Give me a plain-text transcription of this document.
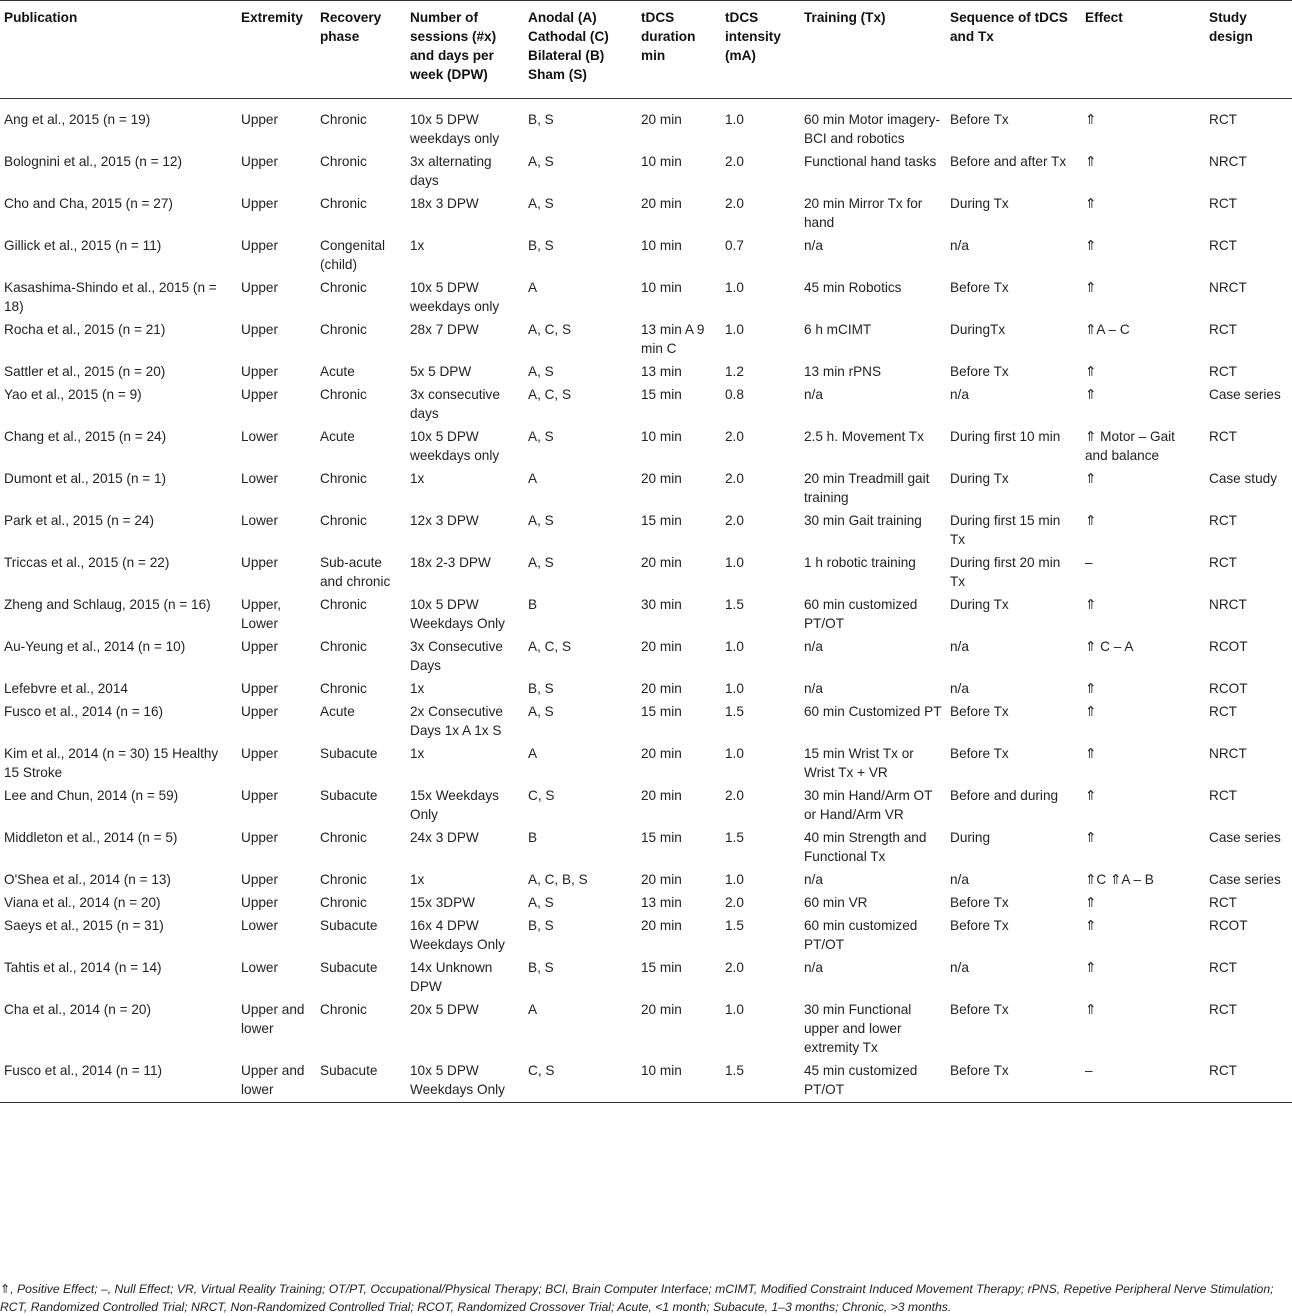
Publication	Extremity	Recovery phase	Number of sessions (#x) and days per week (DPW)	Anodal (A) Cathodal (C) Bilateral (B) Sham (S)	tDCS duration min	tDCS intensity (mA)	Training (Tx)	Sequence of tDCS and Tx	Effect	Study design
Ang et al., 2015 (n = 19)	Upper	Chronic	10x 5 DPW weekdays only	B, S	20 min	1.0	60 min Motor imagery-BCI and robotics	Before Tx	⇑	RCT
Bolognini et al., 2015 (n = 12)	Upper	Chronic	3x alternating days	A, S	10 min	2.0	Functional hand tasks	Before and after Tx	⇑	NRCT
Cho and Cha, 2015 (n = 27)	Upper	Chronic	18x 3 DPW	A, S	20 min	2.0	20 min Mirror Tx for hand	During Tx	⇑	RCT
Gillick et al., 2015 (n = 11)	Upper	Congenital (child)	1x	B, S	10 min	0.7	n/a	n/a	⇑	RCT
Kasashima-Shindo et al., 2015 (n = 18)	Upper	Chronic	10x 5 DPW weekdays only	A	10 min	1.0	45 min Robotics	Before Tx	⇑	NRCT
Rocha et al., 2015 (n = 21)	Upper	Chronic	28x 7 DPW	A, C, S	13 min A 9 min C	1.0	6 h mCIMT	DuringTx	⇑A – C	RCT
Sattler et al., 2015 (n = 20)	Upper	Acute	5x 5 DPW	A, S	13 min	1.2	13 min rPNS	Before Tx	⇑	RCT
Yao et al., 2015 (n = 9)	Upper	Chronic	3x consecutive days	A, C, S	15 min	0.8	n/a	n/a	⇑	Case series
Chang et al., 2015 (n = 24)	Lower	Acute	10x 5 DPW weekdays only	A, S	10 min	2.0	2.5 h. Movement Tx	During first 10 min	⇑ Motor – Gait and balance	RCT
Dumont et al., 2015 (n = 1)	Lower	Chronic	1x	A	20 min	2.0	20 min Treadmill gait training	During Tx	⇑	Case study
Park et al., 2015 (n = 24)	Lower	Chronic	12x 3 DPW	A, S	15 min	2.0	30 min Gait training	During first 15 min Tx	⇑	RCT
Triccas et al., 2015 (n = 22)	Upper	Sub-acute and chronic	18x 2-3 DPW	A, S	20 min	1.0	1 h robotic training	During first 20 min Tx	–	RCT
Zheng and Schlaug, 2015 (n = 16)	Upper, Lower	Chronic	10x 5 DPW Weekdays Only	B	30 min	1.5	60 min customized PT/OT	During Tx	⇑	NRCT
Au-Yeung et al., 2014 (n = 10)	Upper	Chronic	3x Consecutive Days	A, C, S	20 min	1.0	n/a	n/a	⇑ C – A	RCOT
Lefebvre et al., 2014	Upper	Chronic	1x	B, S	20 min	1.0	n/a	n/a	⇑	RCOT
Fusco et al., 2014 (n = 16)	Upper	Acute	2x Consecutive Days 1x A 1x S	A, S	15 min	1.5	60 min Customized PT	Before Tx	⇑	RCT
Kim et al., 2014 (n = 30) 15 Healthy 15 Stroke	Upper	Subacute	1x	A	20 min	1.0	15 min Wrist Tx or Wrist Tx + VR	Before Tx	⇑	NRCT
Lee and Chun, 2014 (n = 59)	Upper	Subacute	15x Weekdays Only	C, S	20 min	2.0	30 min Hand/Arm OT or Hand/Arm VR	Before and during	⇑	RCT
Middleton et al., 2014 (n = 5)	Upper	Chronic	24x 3 DPW	B	15 min	1.5	40 min Strength and Functional Tx	During	⇑	Case series
O'Shea et al., 2014 (n = 13)	Upper	Chronic	1x	A, C, B, S	20 min	1.0	n/a	n/a	⇑C ⇑A – B	Case series
Viana et al., 2014 (n = 20)	Upper	Chronic	15x 3DPW	A, S	13 min	2.0	60 min VR	Before Tx	⇑	RCT
Saeys et al., 2015 (n = 31)	Lower	Subacute	16x 4 DPW Weekdays Only	B, S	20 min	1.5	60 min customized PT/OT	Before Tx	⇑	RCOT
Tahtis et al., 2014 (n = 14)	Lower	Subacute	14x Unknown DPW	B, S	15 min	2.0	n/a	n/a	⇑	RCT
Cha et al., 2014 (n = 20)	Upper and lower	Chronic	20x 5 DPW	A	20 min	1.0	30 min Functional upper and lower extremity Tx	Before Tx	⇑	RCT
Fusco et al., 2014 (n = 11)	Upper and lower	Subacute	10x 5 DPW Weekdays Only	C, S	10 min	1.5	45 min customized PT/OT	Before Tx	–	RCT
⇑, Positive Effect; –, Null Effect; VR, Virtual Reality Training; OT/PT, Occupational/Physical Therapy; BCI, Brain Computer Interface; mCIMT, Modified Constraint Induced Movement Therapy; rPNS, Repetive Peripheral Nerve Stimulation; RCT, Randomized Controlled Trial; NRCT, Non-Randomized Controlled Trial; RCOT, Randomized Crossover Trial; Acute, <1 month; Subacute, 1–3 months; Chronic, >3 months.
